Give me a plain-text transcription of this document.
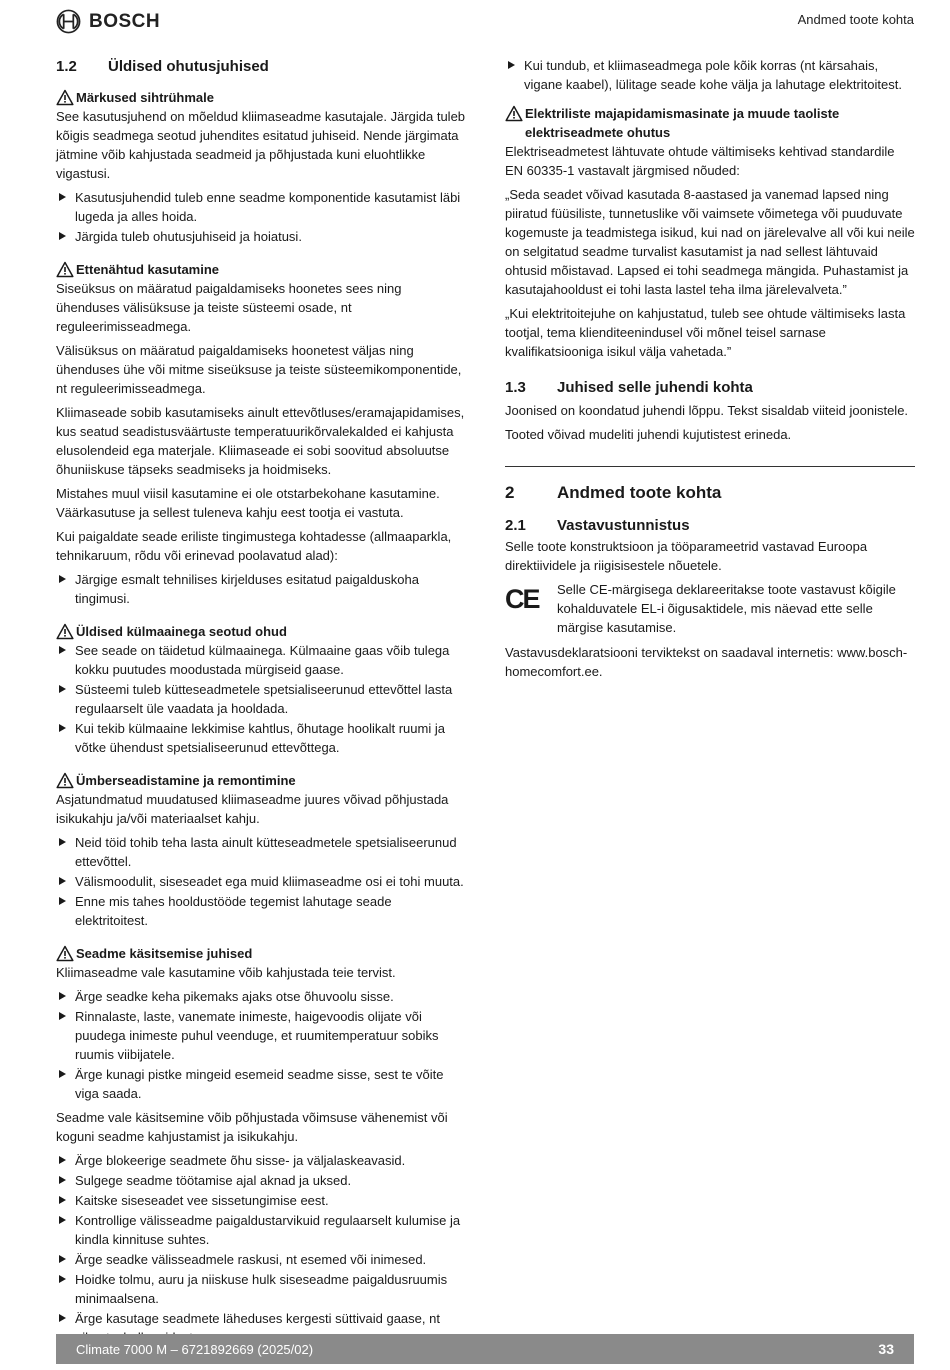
BOSCH	Andmed toote kohta
1.2	Üldised ohutusjuhised
Märkused sihtrühmale

See kasutusjuhend on mõeldud kliimaseadme kasutajale. Järgida tuleb kõigis seadmega seotud juhendites esitatud juhiseid. Nende järgimata jätmine võib kahjustada seadmeid ja põhjustada kuni eluohtlikke vigastusi.

Kasutusjuhendid tuleb enne seadme komponentide kasutamist läbi lugeda ja alles hoida.
Järgida tuleb ohutusjuhiseid ja hoiatusi.
Ettenähtud kasutamine

Siseüksus on määratud paigaldamiseks hoonetes sees ning ühenduses välisüksuse ja teiste süsteemi osade, nt reguleerimisseadmega.

Välisüksus on määratud paigaldamiseks hoonetest väljas ning ühenduses ühe või mitme siseüksuse ja teiste süsteemikomponentide, nt reguleerimisseadmega.

Kliimaseade sobib kasutamiseks ainult ettevõtluses/eramajapidamises, kus seatud seadistusväärtuste temperatuurikõrvalekalded ei kahjusta elusolendeid ega materjale. Kliimaseade ei sobi soovitud absoluutse õhuniiskuse täpseks seadmiseks ja hoidmiseks.

Mistahes muul viisil kasutamine ei ole otstarbekohane kasutamine. Väärkasutuse ja sellest tuleneva kahju eest tootja ei vastuta.

Kui paigaldate seade eriliste tingimustega kohtadesse (allmaaparkla, tehnikaruum, rõdu või erinevad poolavatud alad):

Järgige esmalt tehnilises kirjelduses esitatud paigalduskoha tingimusi.
Üldised külmaainega seotud ohud
See seade on täidetud külmaainega. Külmaaine gaas võib tulega kokku puutudes moodustada mürgiseid gaase.
Süsteemi tuleb kütteseadmetele spetsialiseerunud ettevõttel lasta regulaarselt üle vaadata ja hooldada.
Kui tekib külmaaine lekkimise kahtlus, õhutage hoolikalt ruumi ja võtke ühendust spetsialiseerunud ettevõttega.
Ümberseadistamine ja remontimine

Asjatundmatud muudatused kliimaseadme juures võivad põhjustada isikukahju ja/või materiaalset kahju.

Neid töid tohib teha lasta ainult kütteseadmetele spetsialiseerunud ettevõttel.
Välismoodulit, siseseadet ega muid kliimaseadme osi ei tohi muuta.
Enne mis tahes hooldustööde tegemist lahutage seade elektritoitest.
Seadme käsitsemise juhised

Kliimaseadme vale kasutamine võib kahjustada teie tervist.

Ärge seadke keha pikemaks ajaks otse õhuvoolu sisse.
Rinnalaste, laste, vanemate inimeste, haigevoodis olijate või puudega inimeste puhul veenduge, et ruumitemperatuur sobiks ruumis viibijatele.
Ärge kunagi pistke mingeid esemeid seadme sisse, sest te võite viga saada.

Seadme vale käsitsemine võib põhjustada võimsuse vähenemist või koguni seadme kahjustamist ja isikukahju.

Ärge blokeerige seadmete õhu sisse- ja väljalaskeavasid.
Sulgege seadme töötamise ajal aknad ja uksed.
Kaitske siseseadet vee sissetungimise eest.
Kontrollige välisseadme paigaldustarvikuid regulaarselt kulumise ja kindla kinnituse suhtes.
Ärge seadke välisseadmele raskusi, nt esemed või inimesed.
Hoidke tolmu, auru ja niiskuse hulk siseseadme paigaldusruumis minimaalsena.
Ärge kasutage seadmete läheduses kergesti süttivaid gaase, nt
Kui tundub, et kliimaseadmega pole kõik korras (nt kärsahais, vigane kaabel), lülitage seade kohe välja ja lahutage elektritoitest.
Elektriliste majapidamismasinate ja muude taoliste elektriseadmete ohutus

Elektriseadmetest lähtuvate ohtude vältimiseks kehtivad standardile EN 60335-1 vastavalt järgmised nõuded:

„Seda seadet võivad kasutada 8-aastased ja vanemad lapsed ning piiratud füüsiliste, tunnetuslike või vaimsete võimetega või puuduvate kogemuste ja teadmistega isikud, kui nad on järelevalve all või kui neile on selgitatud seadme turvalist kasutamist ja nad sellest lähtuvaid ohtusid mõistavad. Lapsed ei tohi seadmega mängida. Puhastamist ja kasutajahooldust ei tohi lasta lastel teha ilma järelevalveta.”

„Kui elektritoitejuhe on kahjustatud, tuleb see ohtude vältimiseks lasta tootjal, tema klienditeenindusel või mõnel teisel sarnase kvalifikatsiooniga isikul välja vahetada.”

1.3	Juhised selle juhendi kohta

Joonised on koondatud juhendi lõppu. Tekst sisaldab viiteid joonistele.

Tooted võivad mudeliti juhendi kujutistest erineda.

2	Andmed toote kohta
2.1	Vastavustunnistus

Selle toote konstruktsioon ja tööparameetrid vastavad Euroopa direktiividele ja riigisisestele nõuetele.

CE	Selle CE-märgisega deklareeritakse toote vastavust kõigile kohalduvatele EL-i õigusaktidele, mis näevad ette selle märgise kasutamise.

Vastavusdeklaratsiooni terviktekst on saadaval internetis: www.bosch-homecomfort.ee.

Climate 7000 M – 6721892669 (2025/02)	33
